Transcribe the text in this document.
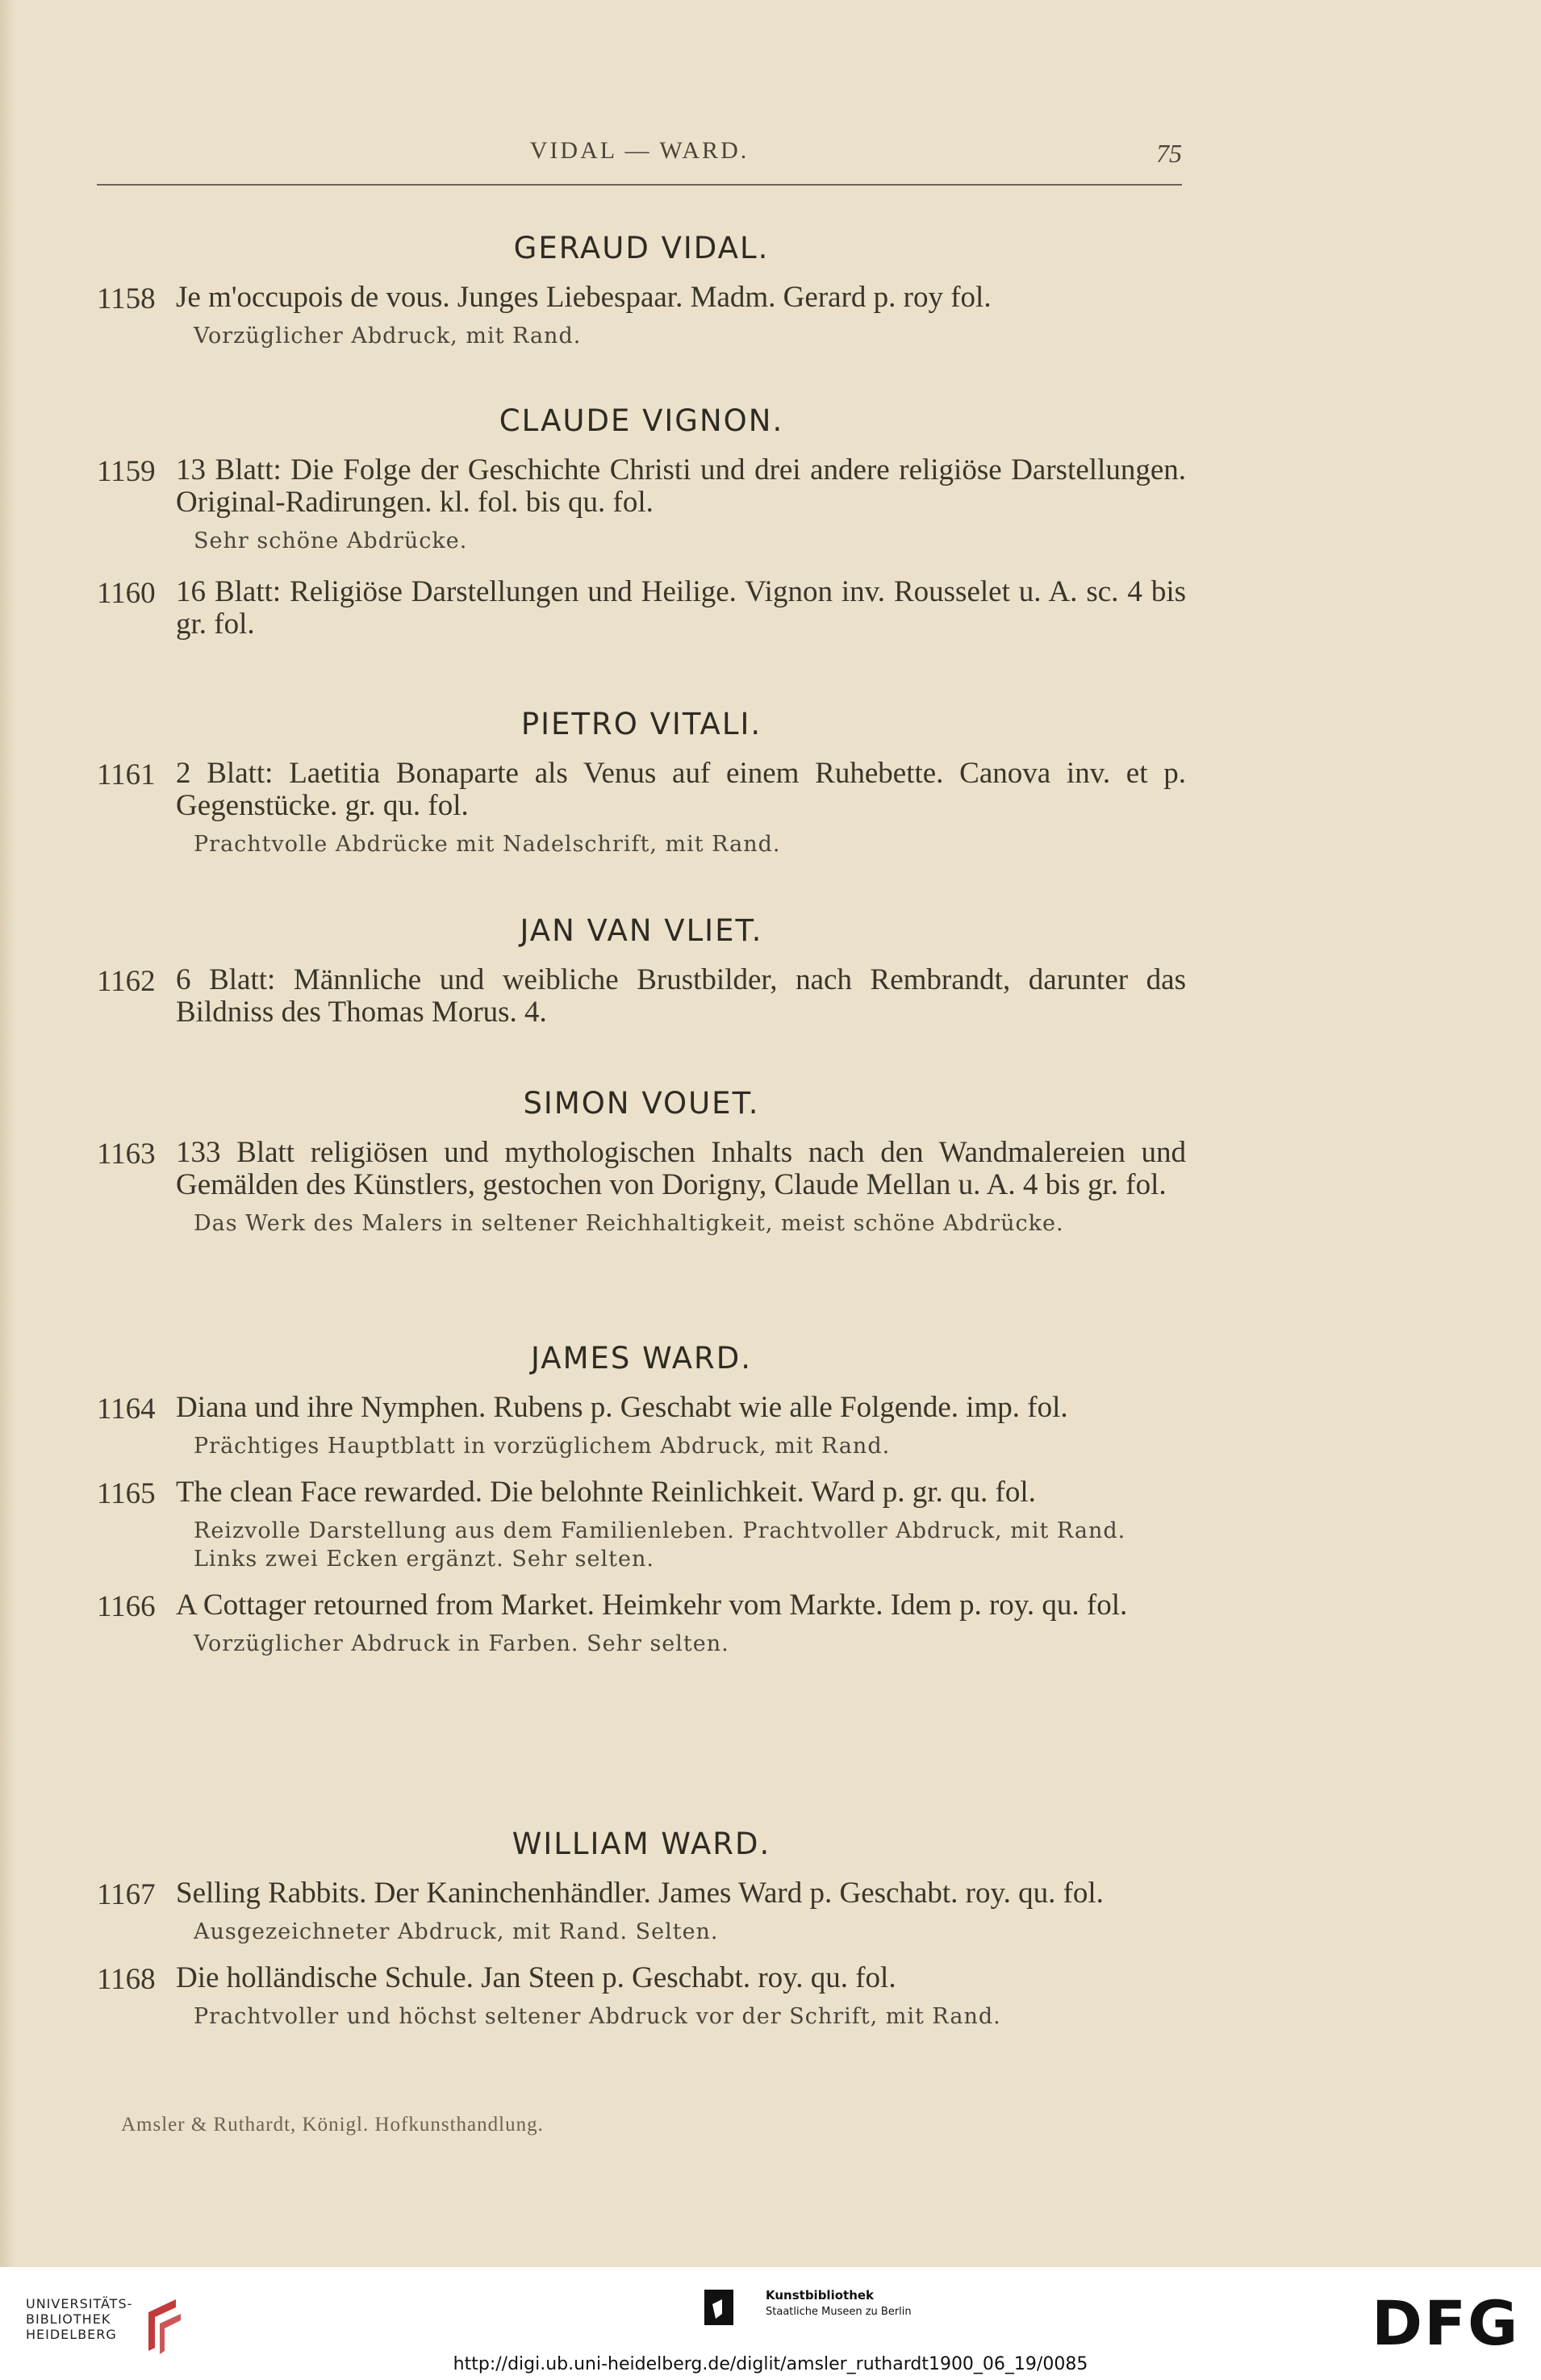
VIDAL — WARD.	75
GERAUD VIDAL.
1158 Je m'occupois de vous. Junges Liebespaar. Madm. Gerard p. roy fol.
Vorzüglicher Abdruck, mit Rand.
CLAUDE VIGNON.
1159 13 Blatt: Die Folge der Geschichte Christi und drei andere religiöse Darstellungen. Original-Radirungen. kl. fol. bis qu. fol.
Sehr schöne Abdrücke.
1160 16 Blatt: Religiöse Darstellungen und Heilige. Vignon inv. Rousselet u. A. sc. 4 bis gr. fol.
PIETRO VITALI.
1161 2 Blatt: Laetitia Bonaparte als Venus auf einem Ruhebette. Canova inv. et p. Gegenstücke. gr. qu. fol.
Prachtvolle Abdrücke mit Nadelschrift, mit Rand.
JAN VAN VLIET.
1162 6 Blatt: Männliche und weibliche Brustbilder, nach Rembrandt, darunter das Bildniss des Thomas Morus. 4.
SIMON VOUET.
1163 133 Blatt religiösen und mythologischen Inhalts nach den Wandmalereien und Gemälden des Künstlers, gestochen von Dorigny, Claude Mellan u. A. 4 bis gr. fol.
Das Werk des Malers in seltener Reichhaltigkeit, meist schöne Abdrücke.
JAMES WARD.
1164 Diana und ihre Nymphen. Rubens p. Geschabt wie alle Folgende. imp. fol.
Prächtiges Hauptblatt in vorzüglichem Abdruck, mit Rand.
1165 The clean Face rewarded. Die belohnte Reinlichkeit. Ward p. gr. qu. fol.
Reizvolle Darstellung aus dem Familienleben. Prachtvoller Abdruck, mit Rand. Links zwei Ecken ergänzt. Sehr selten.
1166 A Cottager retourned from Market. Heimkehr vom Markte. Idem p. roy. qu. fol.
Vorzüglicher Abdruck in Farben. Sehr selten.
WILLIAM WARD.
1167 Selling Rabbits. Der Kaninchenhändler. James Ward p. Geschabt. roy. qu. fol.
Ausgezeichneter Abdruck, mit Rand. Selten.
1168 Die holländische Schule. Jan Steen p. Geschabt. roy. qu. fol.
Prachtvoller und höchst seltener Abdruck vor der Schrift, mit Rand.
Amsler & Ruthardt, Königl. Hofkunsthandlung.
UNIVERSITÄTS-
BIBLIOTHEK
HEIDELBERG
Kunstbibliothek
Staatliche Museen zu Berlin	DFG
http://digi.ub.uni-heidelberg.de/diglit/amsler_ruthardt1900_06_19/0085
